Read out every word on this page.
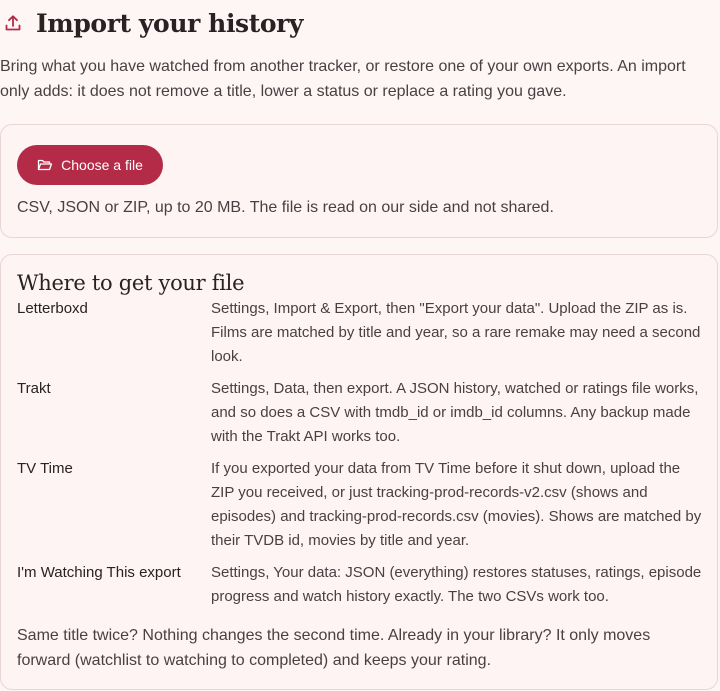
Import your history

Bring what you have watched from another tracker, or restore one of your own exports. An import only adds: it does not remove a title, lower a status or replace a rating you gave.

Choose a file

CSV, JSON or ZIP, up to 20 MB. The file is read on our side and not shared.

Where to get your file
Letterboxd	Settings, Import & Export, then "Export your data". Upload the ZIP as is. Films are matched by title and year, so a rare remake may need a second look.

Trakt	Settings, Data, then export. A JSON history, watched or ratings file works, and so does a CSV with tmdb_id or imdb_id columns. Any backup made with the Trakt API works too.

TV Time	If you exported your data from TV Time before it shut down, upload the ZIP you received, or just tracking-prod-records-v2.csv (shows and episodes) and tracking-prod-records.csv (movies). Shows are matched by their TVDB id, movies by title and year.

I'm Watching This export	Settings, Your data: JSON (everything) restores statuses, ratings, episode progress and watch history exactly. The two CSVs work too.

Same title twice? Nothing changes the second time. Already in your library? It only moves forward (watchlist to watching to completed) and keeps your rating.
